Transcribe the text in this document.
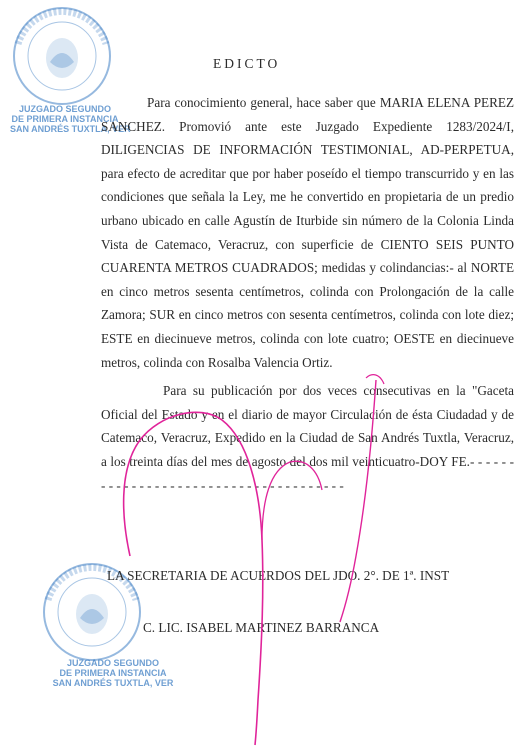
JUZGADO SEGUNDO
DE PRIMERA INSTANCIA
SAN ANDRÉS TUXTLA, VER
JUZGADO SEGUNDO
DE PRIMERA INSTANCIA
SAN ANDRÉS TUXTLA, VER
EDICTO

Para conocimiento general, hace saber que MARIA ELENA PEREZ SANCHEZ. Promovió ante este Juzgado Expediente 1283/2024/I, DILIGENCIAS DE INFORMACIÓN TESTIMONIAL, AD-PERPETUA, para efecto de acreditar que por haber poseído el tiempo transcurrido y en las condiciones que señala la Ley, me he convertido en propietaria de un predio urbano ubicado en calle Agustín de Iturbide sin número de la Colonia Linda Vista de Catemaco, Veracruz, con superficie de CIENTO SEIS PUNTO CUARENTA METROS CUADRADOS; medidas y colindancias:- al NORTE en cinco metros sesenta centímetros, colinda con Prolongación de la calle Zamora; SUR en cinco metros con sesenta centímetros, colinda con lote diez; ESTE en diecinueve metros, colinda con lote cuatro; OESTE en diecinueve metros, colinda con Rosalba Valencia Ortiz.

Para su publicación por dos veces consecutivas en la "Gaceta Oficial del Estado y en el diario de mayor Circulación de ésta Ciudadad y de Catemaco, Veracruz, Expedido en la Ciudad de San Andrés Tuxtla, Veracruz, a los treinta días del mes de agosto del dos mil veinticuatro-DOY FE.- - - - - - - - - - - - - - - - - - - - - - - - - - - - - - - - - - - - - -

LA SECRETARIA DE ACUERDOS DEL JDO. 2°. DE 1ª. INST
C. LIC. ISABEL MARTINEZ BARRANCA
